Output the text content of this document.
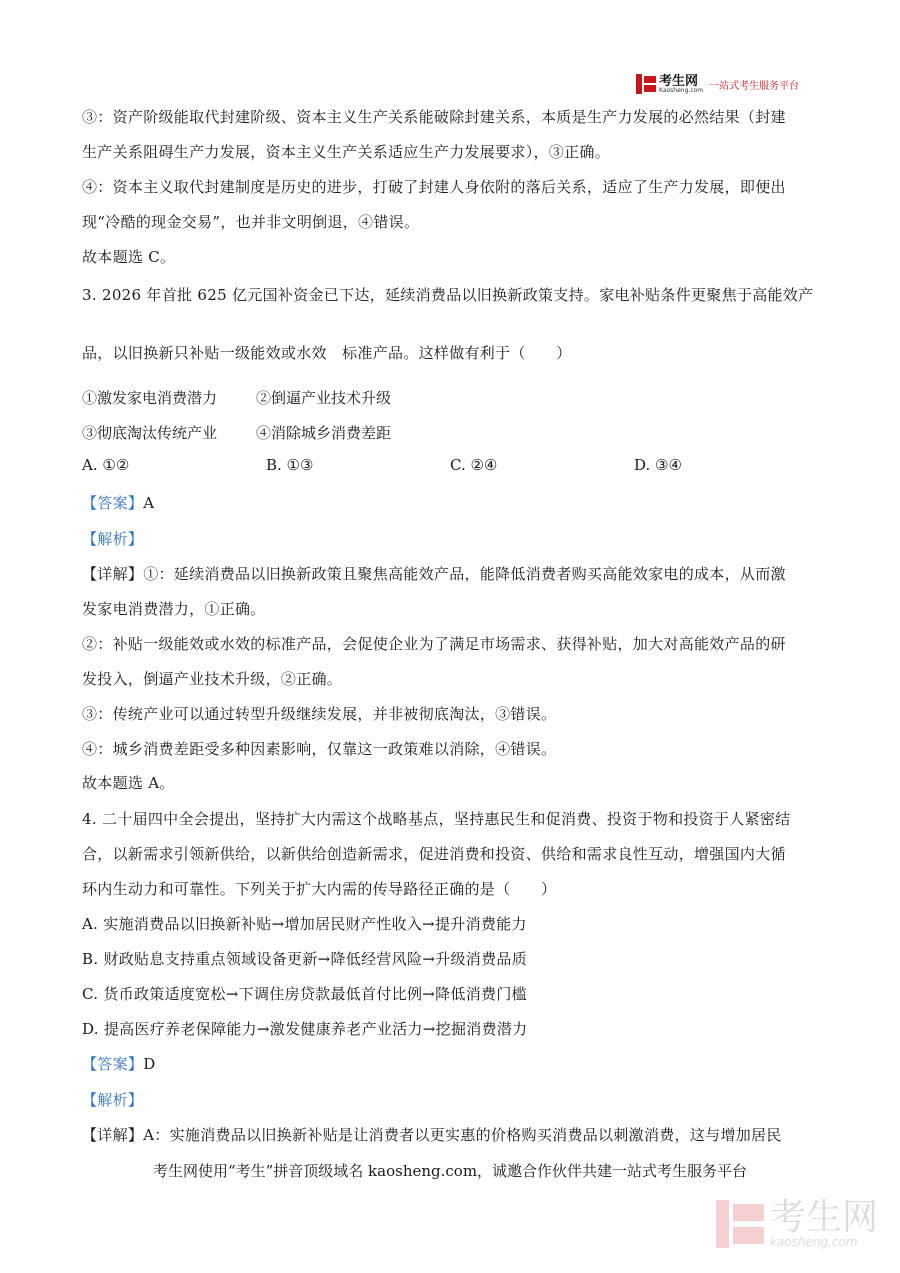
考生网
Kaosheng.com 一站式考生服务平台
③：资产阶级能取代封建阶级、资本主义生产关系能破除封建关系，本质是生产力发展的必然结果（封建
生产关系阻碍生产力发展，资本主义生产关系适应生产力发展要求），③正确。
④：资本主义取代封建制度是历史的进步，打破了封建人身依附的落后关系，适应了生产力发展，即便出
现“冷酷的现金交易”，也并非文明倒退，④错误。
故本题选 C。
3. 2026 年首批 625 亿元国补资金已下达，延续消费品以旧换新政策支持。家电补贴条件更聚焦于高能效产
品，以旧换新只补贴一级能效或水效　标准产品。这样做有利于（　　）
①激发家电消费潜力	②倒逼产业技术升级
③彻底淘汰传统产业	④消除城乡消费差距
A. ①②	B. ①③	C. ②④	D. ③④
【答案】A
【解析】
【详解】①：延续消费品以旧换新政策且聚焦高能效产品，能降低消费者购买高能效家电的成本，从而激
发家电消费潜力，①正确。
②：补贴一级能效或水效的标准产品，会促使企业为了满足市场需求、获得补贴，加大对高能效产品的研
发投入，倒逼产业技术升级，②正确。
③：传统产业可以通过转型升级继续发展，并非被彻底淘汰，③错误。
④：城乡消费差距受多种因素影响，仅靠这一政策难以消除，④错误。
故本题选 A。
4. 二十届四中全会提出，坚持扩大内需这个战略基点，坚持惠民生和促消费、投资于物和投资于人紧密结
合，以新需求引领新供给，以新供给创造新需求，促进消费和投资、供给和需求良性互动，增强国内大循
环内生动力和可靠性。下列关于扩大内需的传导路径正确的是（　　）
A. 实施消费品以旧换新补贴→增加居民财产性收入→提升消费能力
B. 财政贴息支持重点领域设备更新→降低经营风险→升级消费品质
C. 货币政策适度宽松→下调住房贷款最低首付比例→降低消费门槛
D. 提高医疗养老保障能力→激发健康养老产业活力→挖掘消费潜力
【答案】D
【解析】
【详解】A：实施消费品以旧换新补贴是让消费者以更实惠的价格购买消费品以刺激消费，这与增加居民
考生网使用“考生”拼音顶级域名 kaosheng.com，诚邀合作伙伴共建一站式考生服务平台
考生网
kaosheng.com
